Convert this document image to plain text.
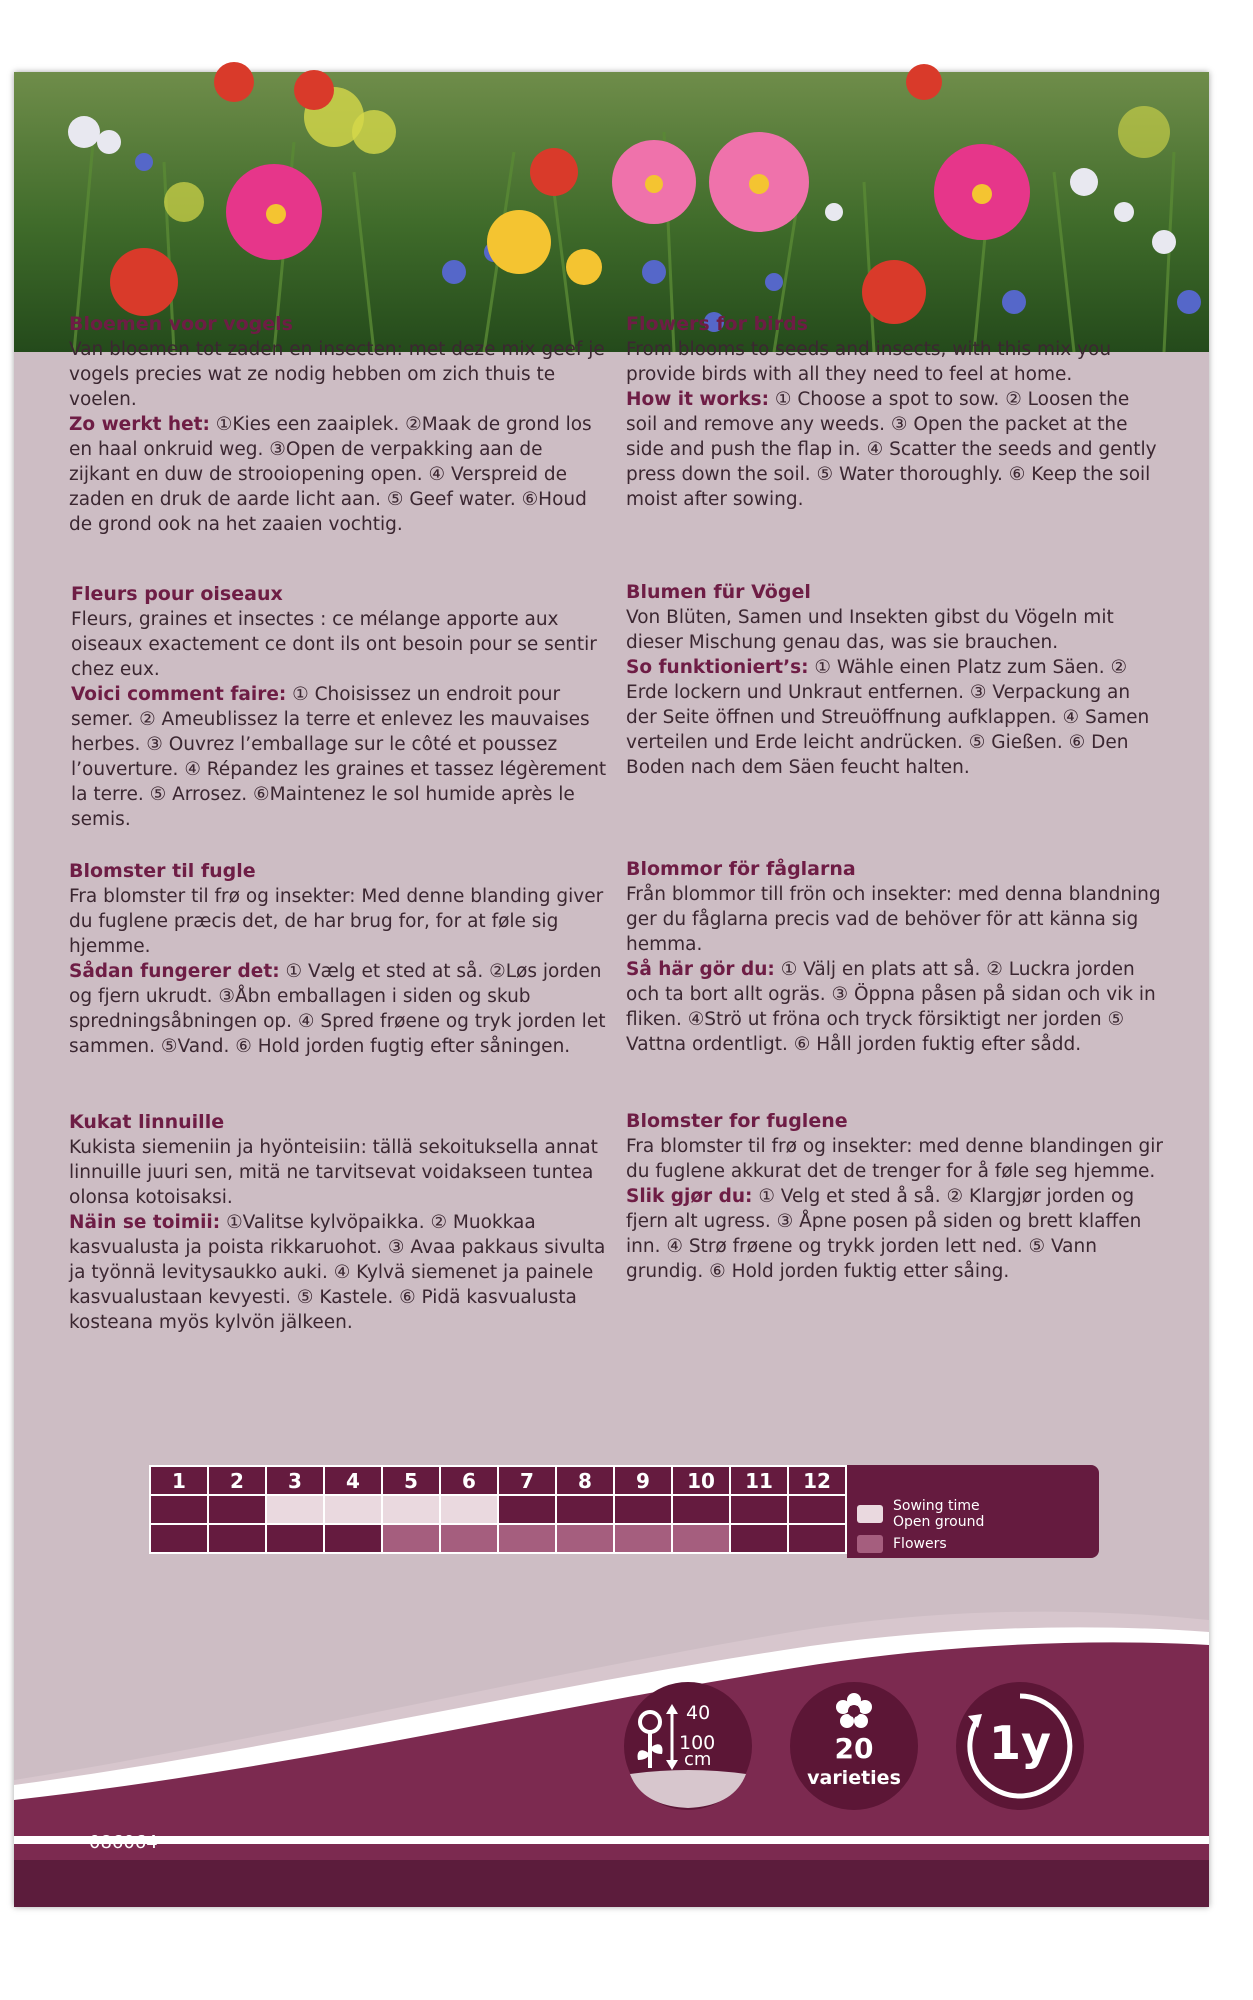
Bloemen voor vogels
Van bloemen tot zaden en insecten: met deze mix geef je vogels precies wat ze nodig hebben om zich thuis te voelen.
Zo werkt het: ①Kies een zaaiplek. ②Maak de grond los en haal onkruid weg. ③Open de verpakking aan de zijkant en duw de strooiopening open. ④ Verspreid de zaden en druk de aarde licht aan. ⑤ Geef water. ⑥Houd de grond ook na het zaaien vochtig.
Fleurs pour oiseaux
Fleurs, graines et insectes : ce mélange apporte aux oiseaux exactement ce dont ils ont besoin pour se sentir chez eux.
Voici comment faire: ① Choisissez un endroit pour semer. ② Ameublissez la terre et enlevez les mauvaises herbes. ③ Ouvrez l’emballage sur le côté et poussez l’ouverture. ④ Répandez les graines et tassez légèrement la terre. ⑤ Arrosez. ⑥Maintenez le sol humide après le semis.
Blomster til fugle
Fra blomster til frø og insekter: Med denne blanding giver du fuglene præcis det, de har brug for, for at føle sig hjemme.
Sådan fungerer det: ① Vælg et sted at så. ②Løs jorden og fjern ukrudt. ③Åbn emballagen i siden og skub spredningsåbningen op. ④ Spred frøene og tryk jorden let sammen. ⑤Vand. ⑥ Hold jorden fugtig efter såningen.
Kukat linnuille
Kukista siemeniin ja hyönteisiin: tällä sekoituksella annat linnuille juuri sen, mitä ne tarvitsevat voidakseen tuntea olonsa kotoisaksi.
Näin se toimii: ①Valitse kylvöpaikka. ② Muokkaa kasvualusta ja poista rikkaruohot. ③ Avaa pakkaus sivulta ja työnnä levitysaukko auki. ④ Kylvä siemenet ja painele kasvualustaan kevyesti. ⑤ Kastele. ⑥ Pidä kasvualusta kosteana myös kylvön jälkeen.
Flowers for birds
From blooms to seeds and insects, with this mix you provide birds with all they need to feel at home.
How it works: ① Choose a spot to sow. ② Loosen the soil and remove any weeds. ③ Open the packet at the side and push the flap in. ④ Scatter the seeds and gently press down the soil. ⑤ Water thoroughly. ⑥ Keep the soil moist after sowing.
Blumen für Vögel
Von Blüten, Samen und Insekten gibst du Vögeln mit dieser Mischung genau das, was sie brauchen.
So funktioniert’s: ① Wähle einen Platz zum Säen. ② Erde lockern und Unkraut entfernen. ③ Verpackung an der Seite öffnen und Streuöffnung aufklappen. ④ Samen verteilen und Erde leicht andrücken. ⑤ Gießen. ⑥ Den Boden nach dem Säen feucht halten.
Blommor för fåglarna
Från blommor till frön och insekter: med denna blandning ger du fåglarna precis vad de behöver för att känna sig hemma.
Så här gör du: ① Välj en plats att så. ② Luckra jorden och ta bort allt ogräs. ③ Öppna påsen på sidan och vik in fliken. ④Strö ut fröna och tryck försiktigt ner jorden ⑤ Vattna ordentligt. ⑥ Håll jorden fuktig efter sådd.
Blomster for fuglene
Fra blomster til frø og insekter: med denne blandingen gir du fuglene akkurat det de trenger for å føle seg hjemme.
Slik gjør du: ① Velg et sted å så. ② Klargjør jorden og fjern alt ugress. ③ Åpne posen på siden og brett klaffen inn. ④ Strø frøene og trykk jorden lett ned. ⑤ Vann grundig. ⑥ Hold jorden fuktig etter såing.
1	2	3	4	5	6	7	8	9	10	11	12

Sowing time
Open ground
Flowers
40
100
cm	20
varieties
1y
086064
A fresh look at seeds
